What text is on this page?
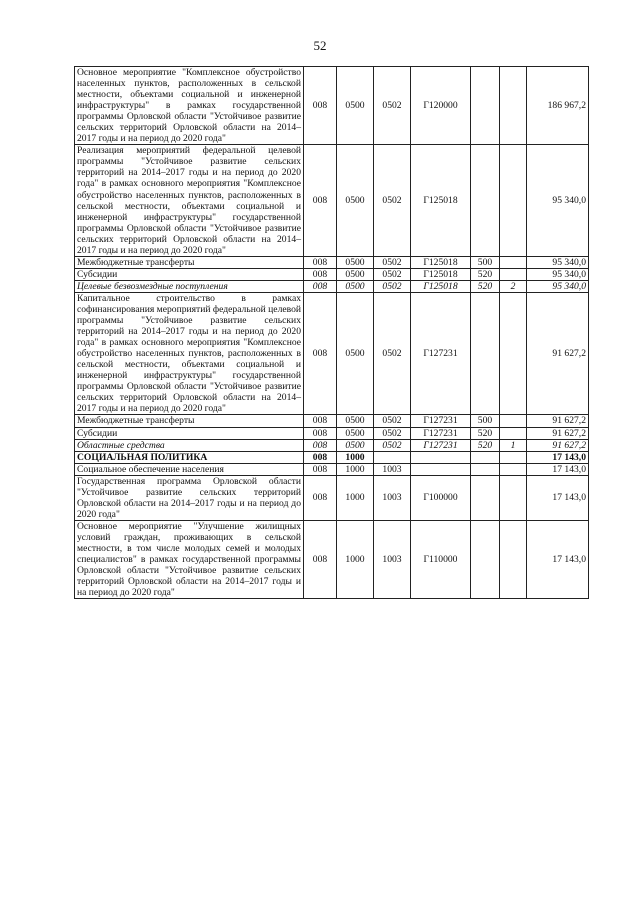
52
Основное мероприятие "Комплексное обустройство населенных пунктов, расположенных в сельской местности, объектами социальной и инженерной инфраструктуры" в рамках государственной программы Орловской области "Устойчивое развитие сельских территорий Орловской области на 2014–2017 годы и на период до 2020 года"	008	0500	0502	Г120000			186 967,2
Реализация мероприятий федеральной целевой программы "Устойчивое развитие сельских территорий на 2014–2017 годы и на период до 2020 года" в рамках основного мероприятия "Комплексное обустройство населенных пунктов, расположенных в сельской местности, объектами социальной и инженерной инфраструктуры" государственной программы Орловской области "Устойчивое развитие сельских территорий Орловской области на 2014–2017 годы и на период до 2020 года"	008	0500	0502	Г125018			95 340,0
Межбюджетные трансферты	008	0500	0502	Г125018	500		95 340,0
Субсидии	008	0500	0502	Г125018	520		95 340,0
Целевые безвозмездные поступления	008	0500	0502	Г125018	520	2	95 340,0
Капитальное строительство в рамках софинансирования мероприятий федеральной целевой программы "Устойчивое развитие сельских территорий на 2014–2017 годы и на период до 2020 года" в рамках основного мероприятия "Комплексное обустройство населенных пунктов, расположенных в сельской местности, объектами социальной и инженерной инфраструктуры" государственной программы Орловской области "Устойчивое развитие сельских территорий Орловской области на 2014–2017 годы и на период до 2020 года"	008	0500	0502	Г127231			91 627,2
Межбюджетные трансферты	008	0500	0502	Г127231	500		91 627,2
Субсидии	008	0500	0502	Г127231	520		91 627,2
Областные средства	008	0500	0502	Г127231	520	1	91 627,2
СОЦИАЛЬНАЯ ПОЛИТИКА	008	1000					17 143,0
Социальное обеспечение населения	008	1000	1003				17 143,0
Государственная программа Орловской области "Устойчивое развитие сельских территорий Орловской области на 2014–2017 годы и на период до 2020 года"	008	1000	1003	Г100000			17 143,0
Основное мероприятие "Улучшение жилищных условий граждан, проживающих в сельской местности, в том числе молодых семей и молодых специалистов" в рамках государственной программы Орловской области "Устойчивое развитие сельских территорий Орловской области на 2014–2017 годы и на период до 2020 года"	008	1000	1003	Г110000			17 143,0
